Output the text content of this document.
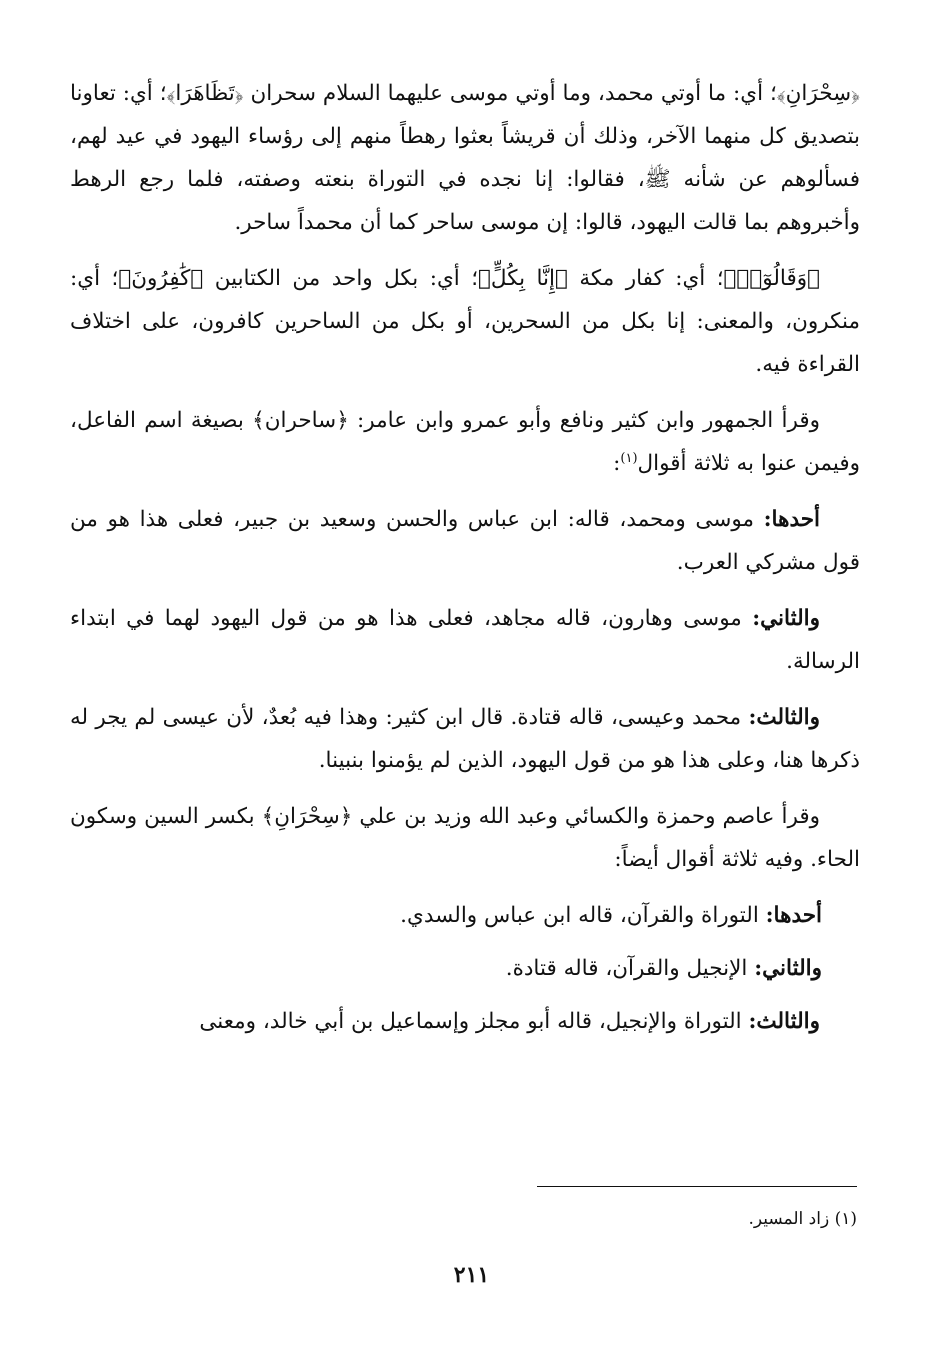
﴿سِحْرَانِ﴾؛ أي: ما أوتي محمد، وما أوتي موسى عليهما السلام سحران ﴿تَظَاهَرَا﴾؛ أي: تعاونا بتصديق كل منهما الآخر، وذلك أن قريشاً بعثوا رهطاً منهم إلى رؤساء اليهود في عيد لهم، فسألوهم عن شأنه ﷺ، فقالوا: إنا نجده في التوراة بنعته وصفته، فلما رجع الرهط وأخبروهم بما قالت اليهود، قالوا: إن موسى ساحر كما أن محمداً ساحر.

﴿وَقَالُوٓا۟﴾؛ أي: كفار مكة ﴿إِنَّا بِكُلٍّ﴾؛ أي: بكل واحد من الكتابين ﴿كَٰفِرُونَ﴾؛ أي: منكرون، والمعنى: إنا بكل من السحرين، أو بكل من الساحرين كافرون، على اختلاف القراءة فيه.

وقرأ الجمهور وابن كثير ونافع وأبو عمرو وابن عامر: ﴿ساحران﴾ بصيغة اسم الفاعل، وفيمن عنوا به ثلاثة أقوال$^{(١)}$:

أحدها: موسى ومحمد، قاله: ابن عباس والحسن وسعيد بن جبير، فعلى هذا هو من قول مشركي العرب.

والثاني: موسى وهارون، قاله مجاهد، فعلى هذا هو من قول اليهود لهما في ابتداء الرسالة.

والثالث: محمد وعيسى، قاله قتادة. قال ابن كثير: وهذا فيه بُعدٌ، لأن عيسى لم يجر له ذكرها هنا، وعلى هذا هو من قول اليهود، الذين لم يؤمنوا بنبينا.

وقرأ عاصم وحمزة والكسائي وعبد الله وزيد بن علي ﴿سِحْرَانِ﴾ بكسر السين وسكون الحاء. وفيه ثلاثة أقوال أيضاً:

أحدها: التوراة والقرآن، قاله ابن عباس والسدي.

والثاني: الإنجيل والقرآن، قاله قتادة.

والثالث: التوراة والإنجيل، قاله أبو مجلز وإسماعيل بن أبي خالد، ومعنى

(١) زاد المسير.
٢١١
